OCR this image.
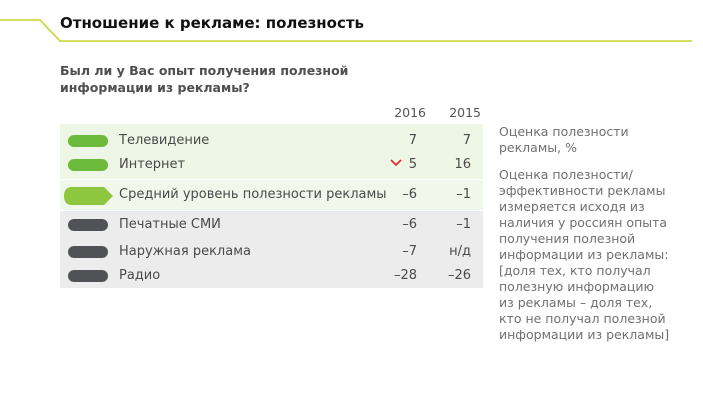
Отношение к рекламе: полезность
Был ли у Вас опыт получения полезной информации из рекламы?
2016	2015
Телевидение	7	7
Интернет	5	16
Средний уровень полезности рекламы	–6	–1
Печатные СМИ	–6	–1
Наружная реклама	–7	н/д
Радио	–28	–26
Оценка полезности
рекламы, %
Оценка полезности/
эффективности рекламы
измеряется исходя из
наличия у россиян опыта
получения полезной
информации из рекламы:
[доля тех, кто получал
полезную информацию
из рекламы – доля тех,
кто не получал полезной
информации из рекламы]
